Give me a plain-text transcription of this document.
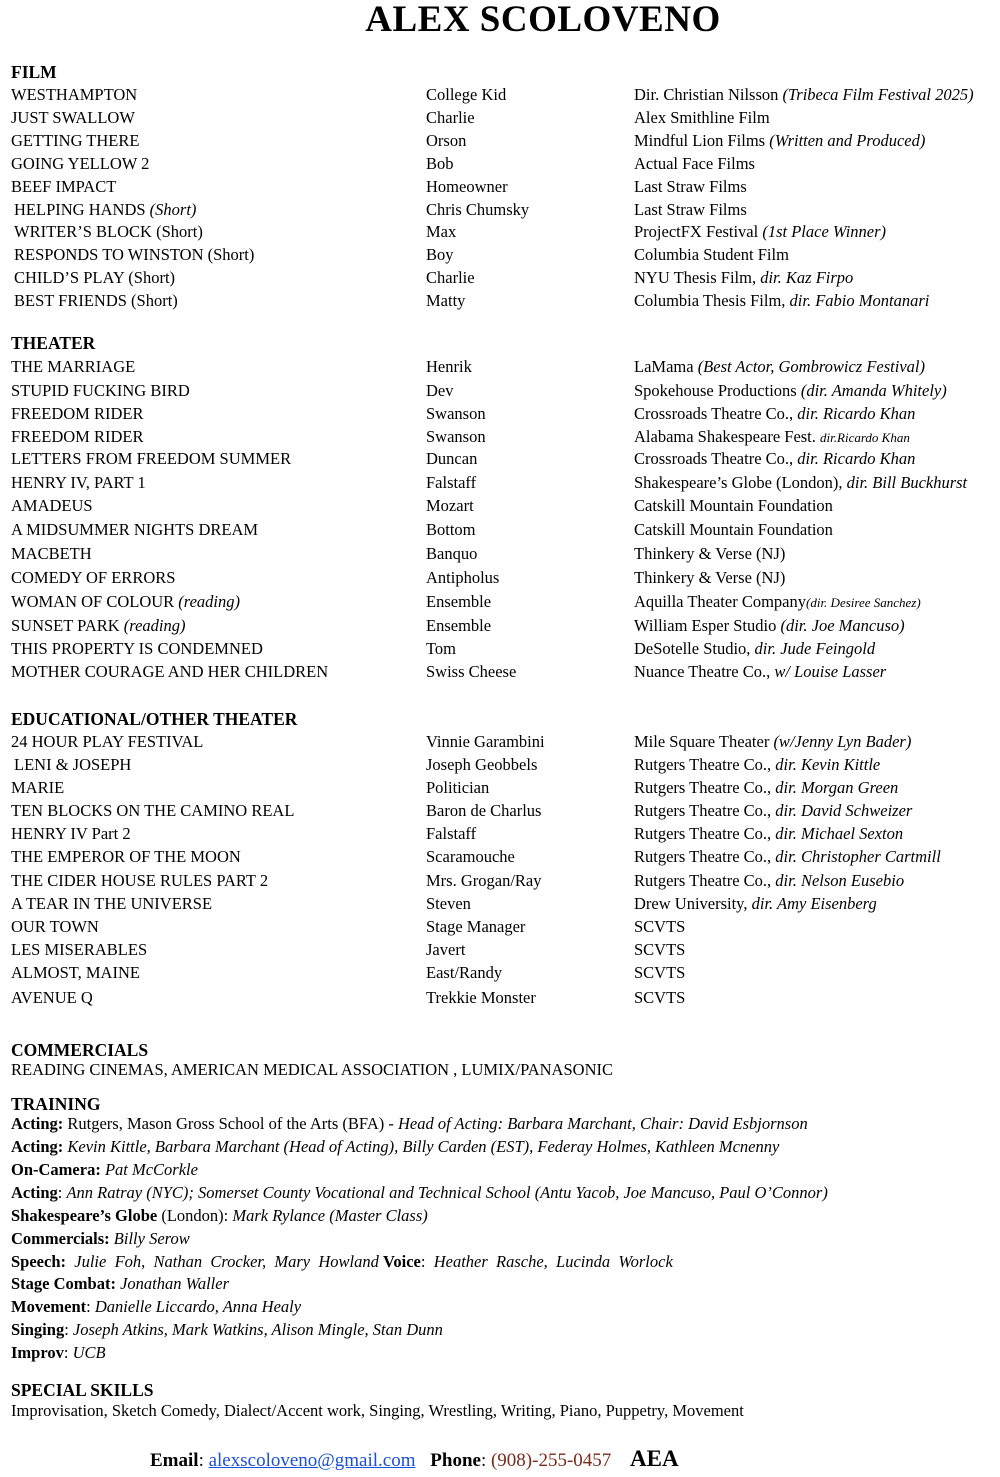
ALEX SCOLOVENO
FILM
WESTHAMPTON	College Kid	Dir. Christian Nilsson (Tribeca Film Festival 2025)
JUST SWALLOW	Charlie	Alex Smithline Film
GETTING THERE	Orson	Mindful Lion Films (Written and Produced)
GOING YELLOW 2	Bob	Actual Face Films
BEEF IMPACT	Homeowner	Last Straw Films
HELPING HANDS (Short)	Chris Chumsky	Last Straw Films
WRITER’S BLOCK (Short)	Max	ProjectFX Festival (1st Place Winner)
RESPONDS TO WINSTON (Short)	Boy	Columbia Student Film
CHILD’S PLAY (Short)	Charlie	NYU Thesis Film, dir. Kaz Firpo
BEST FRIENDS (Short)	Matty	Columbia Thesis Film, dir. Fabio Montanari
THEATER
THE MARRIAGE	Henrik	LaMama (Best Actor, Gombrowicz Festival)
STUPID FUCKING BIRD	Dev	Spokehouse Productions (dir. Amanda Whitely)
FREEDOM RIDER	Swanson	Crossroads Theatre Co., dir. Ricardo Khan
FREEDOM RIDER	Swanson	Alabama Shakespeare Fest. dir.Ricardo Khan
LETTERS FROM FREEDOM SUMMER	Duncan	Crossroads Theatre Co., dir. Ricardo Khan
HENRY IV, PART 1	Falstaff	Shakespeare’s Globe (London), dir. Bill Buckhurst
AMADEUS	Mozart	Catskill Mountain Foundation
A MIDSUMMER NIGHTS DREAM	Bottom	Catskill Mountain Foundation
MACBETH	Banquo	Thinkery & Verse (NJ)
COMEDY OF ERRORS	Antipholus	Thinkery & Verse (NJ)
WOMAN OF COLOUR (reading)	Ensemble	Aquilla Theater Company(dir. Desiree Sanchez)
SUNSET PARK (reading)	Ensemble	William Esper Studio (dir. Joe Mancuso)
THIS PROPERTY IS CONDEMNED	Tom	DeSotelle Studio, dir. Jude Feingold
MOTHER COURAGE AND HER CHILDREN	Swiss Cheese	Nuance Theatre Co., w/ Louise Lasser
EDUCATIONAL/OTHER THEATER
24 HOUR PLAY FESTIVAL	Vinnie Garambini	Mile Square Theater (w/Jenny Lyn Bader)
LENI & JOSEPH	Joseph Geobbels	Rutgers Theatre Co., dir. Kevin Kittle
MARIE	Politician	Rutgers Theatre Co., dir. Morgan Green
TEN BLOCKS ON THE CAMINO REAL	Baron de Charlus	Rutgers Theatre Co., dir. David Schweizer
HENRY IV Part 2	Falstaff	Rutgers Theatre Co., dir. Michael Sexton
THE EMPEROR OF THE MOON	Scaramouche	Rutgers Theatre Co., dir. Christopher Cartmill
THE CIDER HOUSE RULES PART 2	Mrs. Grogan/Ray	Rutgers Theatre Co., dir. Nelson Eusebio
A TEAR IN THE UNIVERSE	Steven	Drew University, dir. Amy Eisenberg
OUR TOWN	Stage Manager	SCVTS
LES MISERABLES	Javert	SCVTS
ALMOST, MAINE	East/Randy	SCVTS
AVENUE Q	Trekkie Monster	SCVTS
COMMERCIALS
READING CINEMAS, AMERICAN MEDICAL ASSOCIATION , LUMIX/PANASONIC
TRAINING
Acting: Rutgers, Mason Gross School of the Arts (BFA) - Head of Acting: Barbara Marchant, Chair: David Esbjornson
Acting: Kevin Kittle, Barbara Marchant (Head of Acting), Billy Carden (EST), Federay Holmes, Kathleen Mcnenny
On-Camera: Pat McCorkle
Acting: Ann Ratray (NYC); Somerset County Vocational and Technical School (Antu Yacob, Joe Mancuso, Paul O’Connor)
Shakespeare’s Globe (London): Mark Rylance (Master Class)
Commercials: Billy Serow
Speech: Julie  Foh,  Nathan  Crocker,  Mary  Howland Voice:  Heather  Rasche,  Lucinda  Worlock
Stage Combat: Jonathan Waller
Movement: Danielle Liccardo, Anna Healy
Singing: Joseph Atkins, Mark Watkins, Alison Mingle, Stan Dunn
Improv: UCB
SPECIAL SKILLS
Improvisation, Sketch Comedy, Dialect/Accent work, Singing, Wrestling, Writing, Piano, Puppetry, Movement
Email: alexscoloveno@gmail.com Phone: (908)-255-0457 AEA
